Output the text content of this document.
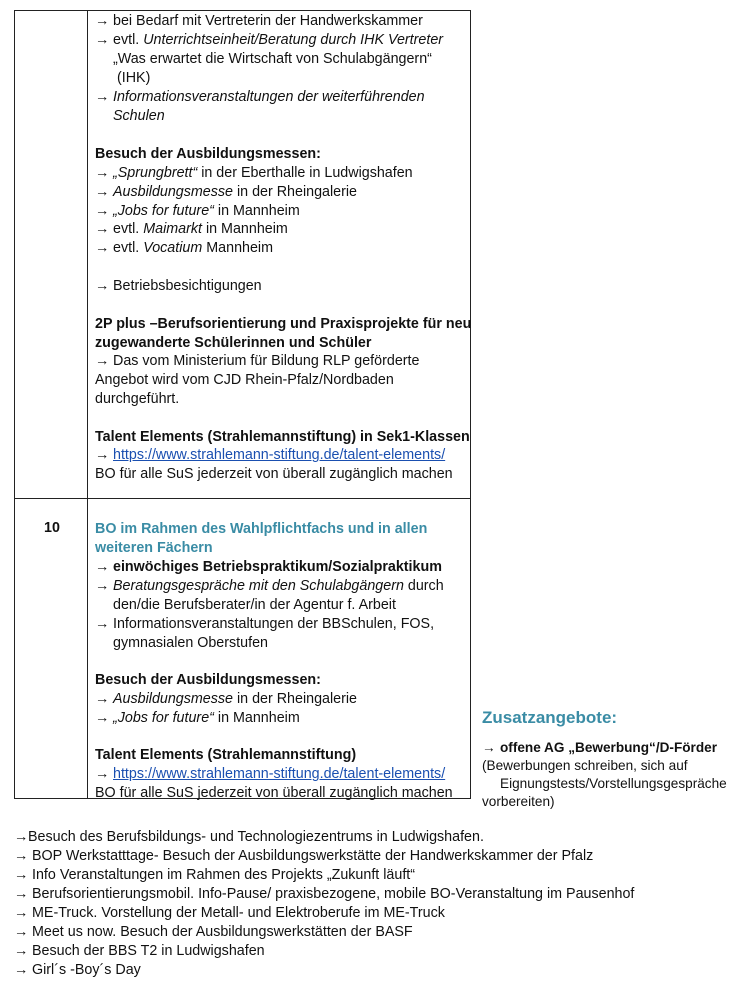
→ bei Bedarf mit Vertreterin der Handwerkskammer
→ evtl. Unterrichtseinheit/Beratung durch IHK Vertreter
„Was erwartet die Wirtschaft von Schulabgängern“
(IHK)
→ Informationsveranstaltungen der weiterführenden
Schulen
Besuch der Ausbildungsmessen:
→ „Sprungbrett“ in der Eberthalle in Ludwigshafen
→ Ausbildungsmesse in der Rheingalerie
→ „Jobs for future“ in Mannheim
→ evtl. Maimarkt in Mannheim
→ evtl. Vocatium Mannheim
→ Betriebsbesichtigungen
2P plus –Berufsorientierung und Praxisprojekte für neu
zugewanderte Schülerinnen und Schüler
→ Das vom Ministerium für Bildung RLP geförderte
Angebot wird vom CJD Rhein-Pfalz/Nordbaden
durchgeführt.
Talent Elements (Strahlemannstiftung) in Sek1-Klassen
→ https://www.strahlemann-stiftung.de/talent-elements/
BO für alle SuS jederzeit von überall zugänglich machen
10 BO im Rahmen des Wahlpflichtfachs und in allen
weiteren Fächern
→ einwöchiges Betriebspraktikum/Sozialpraktikum
→ Beratungsgespräche mit den Schulabgängern durch
den/die Berufsberater/in der Agentur f. Arbeit
→ Informationsveranstaltungen der BBSchulen, FOS,
gymnasialen Oberstufen
Besuch der Ausbildungsmessen:
→ Ausbildungsmesse in der Rheingalerie
→ „Jobs for future“ in Mannheim
Talent Elements (Strahlemannstiftung)
→ https://www.strahlemann-stiftung.de/talent-elements/
BO für alle SuS jederzeit von überall zugänglich machen
Zusatzangebote:
→ offene AG „Bewerbung“/D-Förder
(Bewerbungen schreiben, sich auf
Eignungstests/Vorstellungsgespräche
vorbereiten)
→Besuch des Berufsbildungs- und Technologiezentrums in Ludwigshafen.
→ BOP Werkstatttage- Besuch der Ausbildungswerkstätte der Handwerkskammer der Pfalz
→ Info Veranstaltungen im Rahmen des Projekts „Zukunft läuft“
→ Berufsorientierungsmobil. Info-Pause/ praxisbezogene, mobile BO-Veranstaltung im Pausenhof
→ ME-Truck. Vorstellung der Metall- und Elektroberufe im ME-Truck
→ Meet us now. Besuch der Ausbildungswerkstätten der BASF
→ Besuch der BBS T2 in Ludwigshafen
→ Girl´s -Boy´s Day
